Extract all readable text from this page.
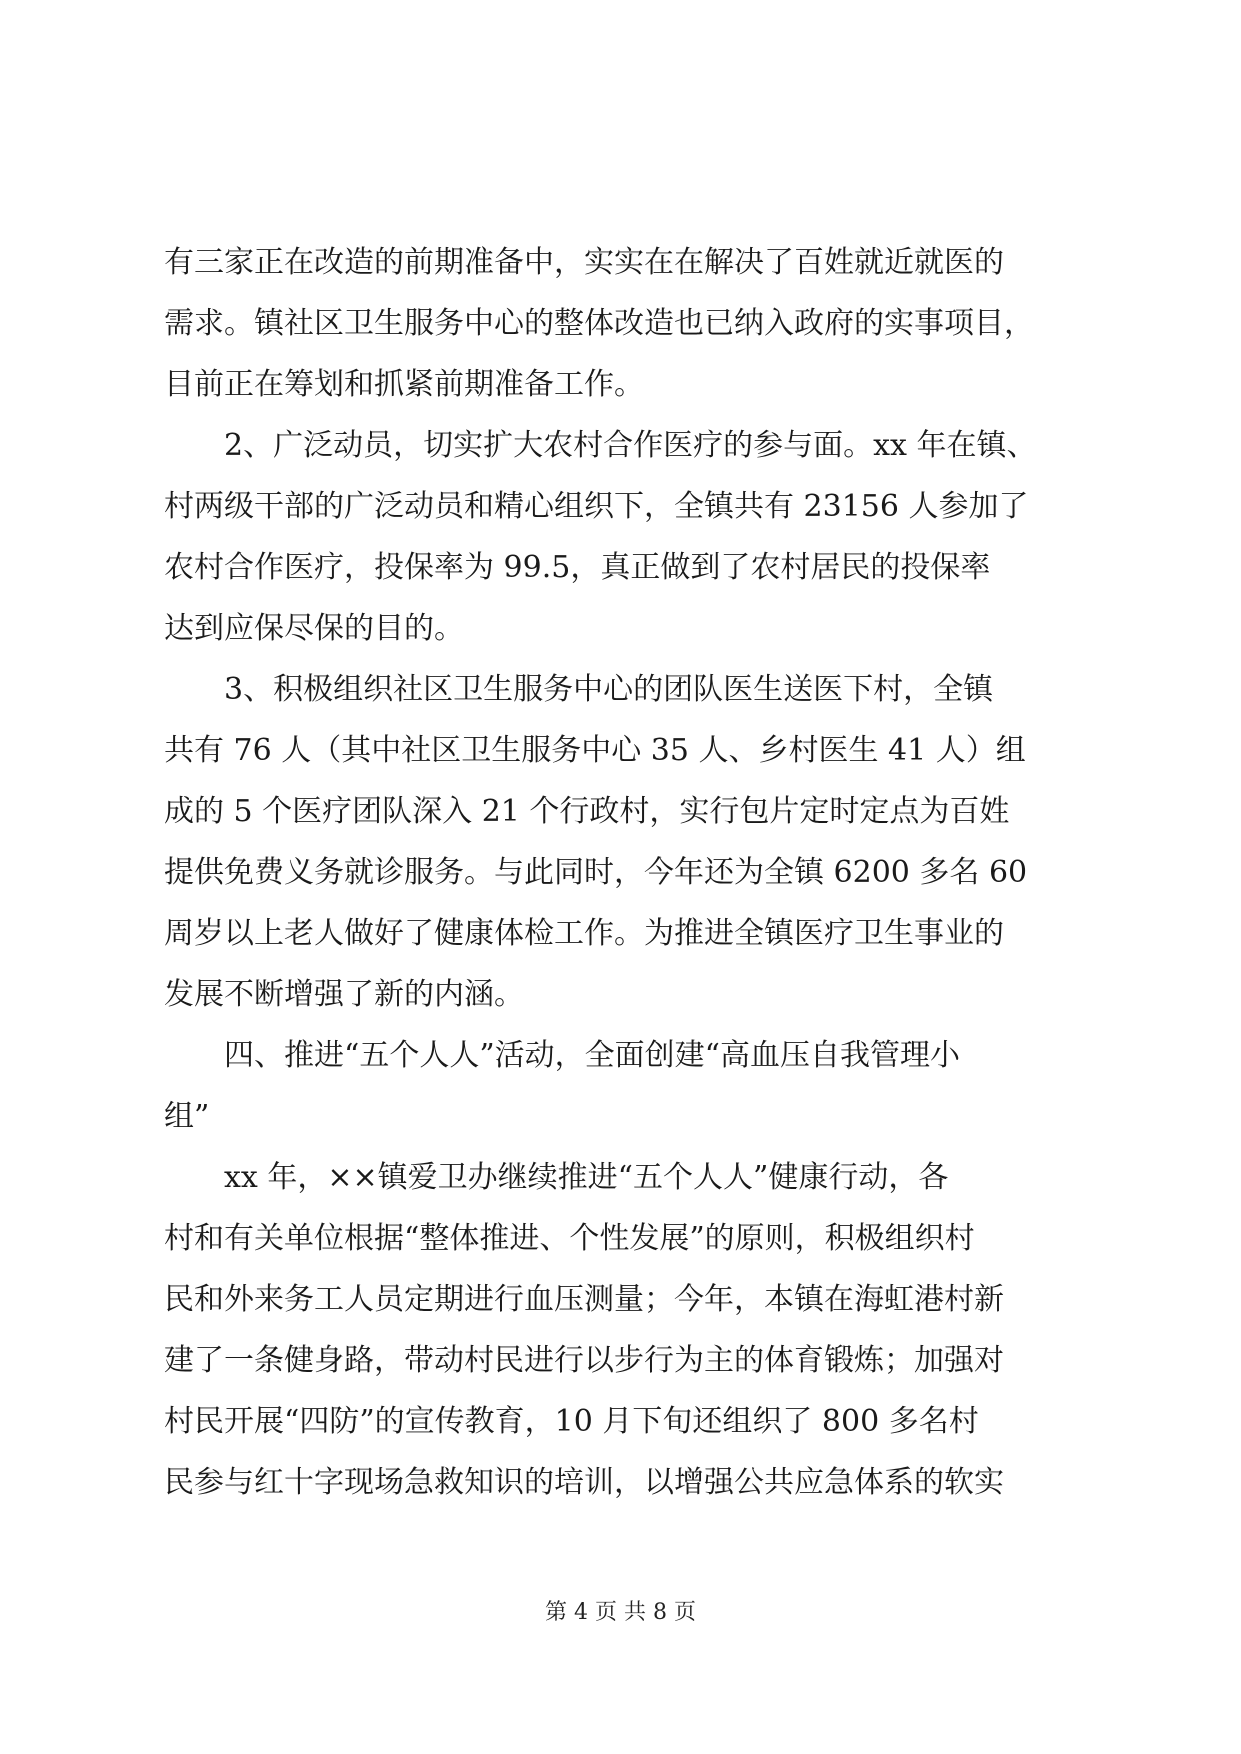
有三家正在改造的前期准备中，实实在在解决了百姓就近就医的
需求。镇社区卫生服务中心的整体改造也已纳入政府的实事项目，
目前正在筹划和抓紧前期准备工作。
　　2、广泛动员，切实扩大农村合作医疗的参与面。xx 年在镇、
村两级干部的广泛动员和精心组织下，全镇共有 23156 人参加了
农村合作医疗，投保率为 99.5，真正做到了农村居民的投保率
达到应保尽保的目的。
　　3、积极组织社区卫生服务中心的团队医生送医下村，全镇
共有 76 人（其中社区卫生服务中心 35 人、乡村医生 41 人）组
成的 5 个医疗团队深入 21 个行政村，实行包片定时定点为百姓
提供免费义务就诊服务。与此同时，今年还为全镇 6200 多名 60
周岁以上老人做好了健康体检工作。为推进全镇医疗卫生事业的
发展不断增强了新的内涵。
　　四、推进“五个人人”活动，全面创建“高血压自我管理小
组”
　　xx 年，××镇爱卫办继续推进“五个人人”健康行动，各
村和有关单位根据“整体推进、个性发展”的原则，积极组织村
民和外来务工人员定期进行血压测量；今年，本镇在海虹港村新
建了一条健身路，带动村民进行以步行为主的体育锻炼；加强对
村民开展“四防”的宣传教育，10 月下旬还组织了 800 多名村
民参与红十字现场急救知识的培训，以增强公共应急体系的软实
第 4 页 共 8 页
